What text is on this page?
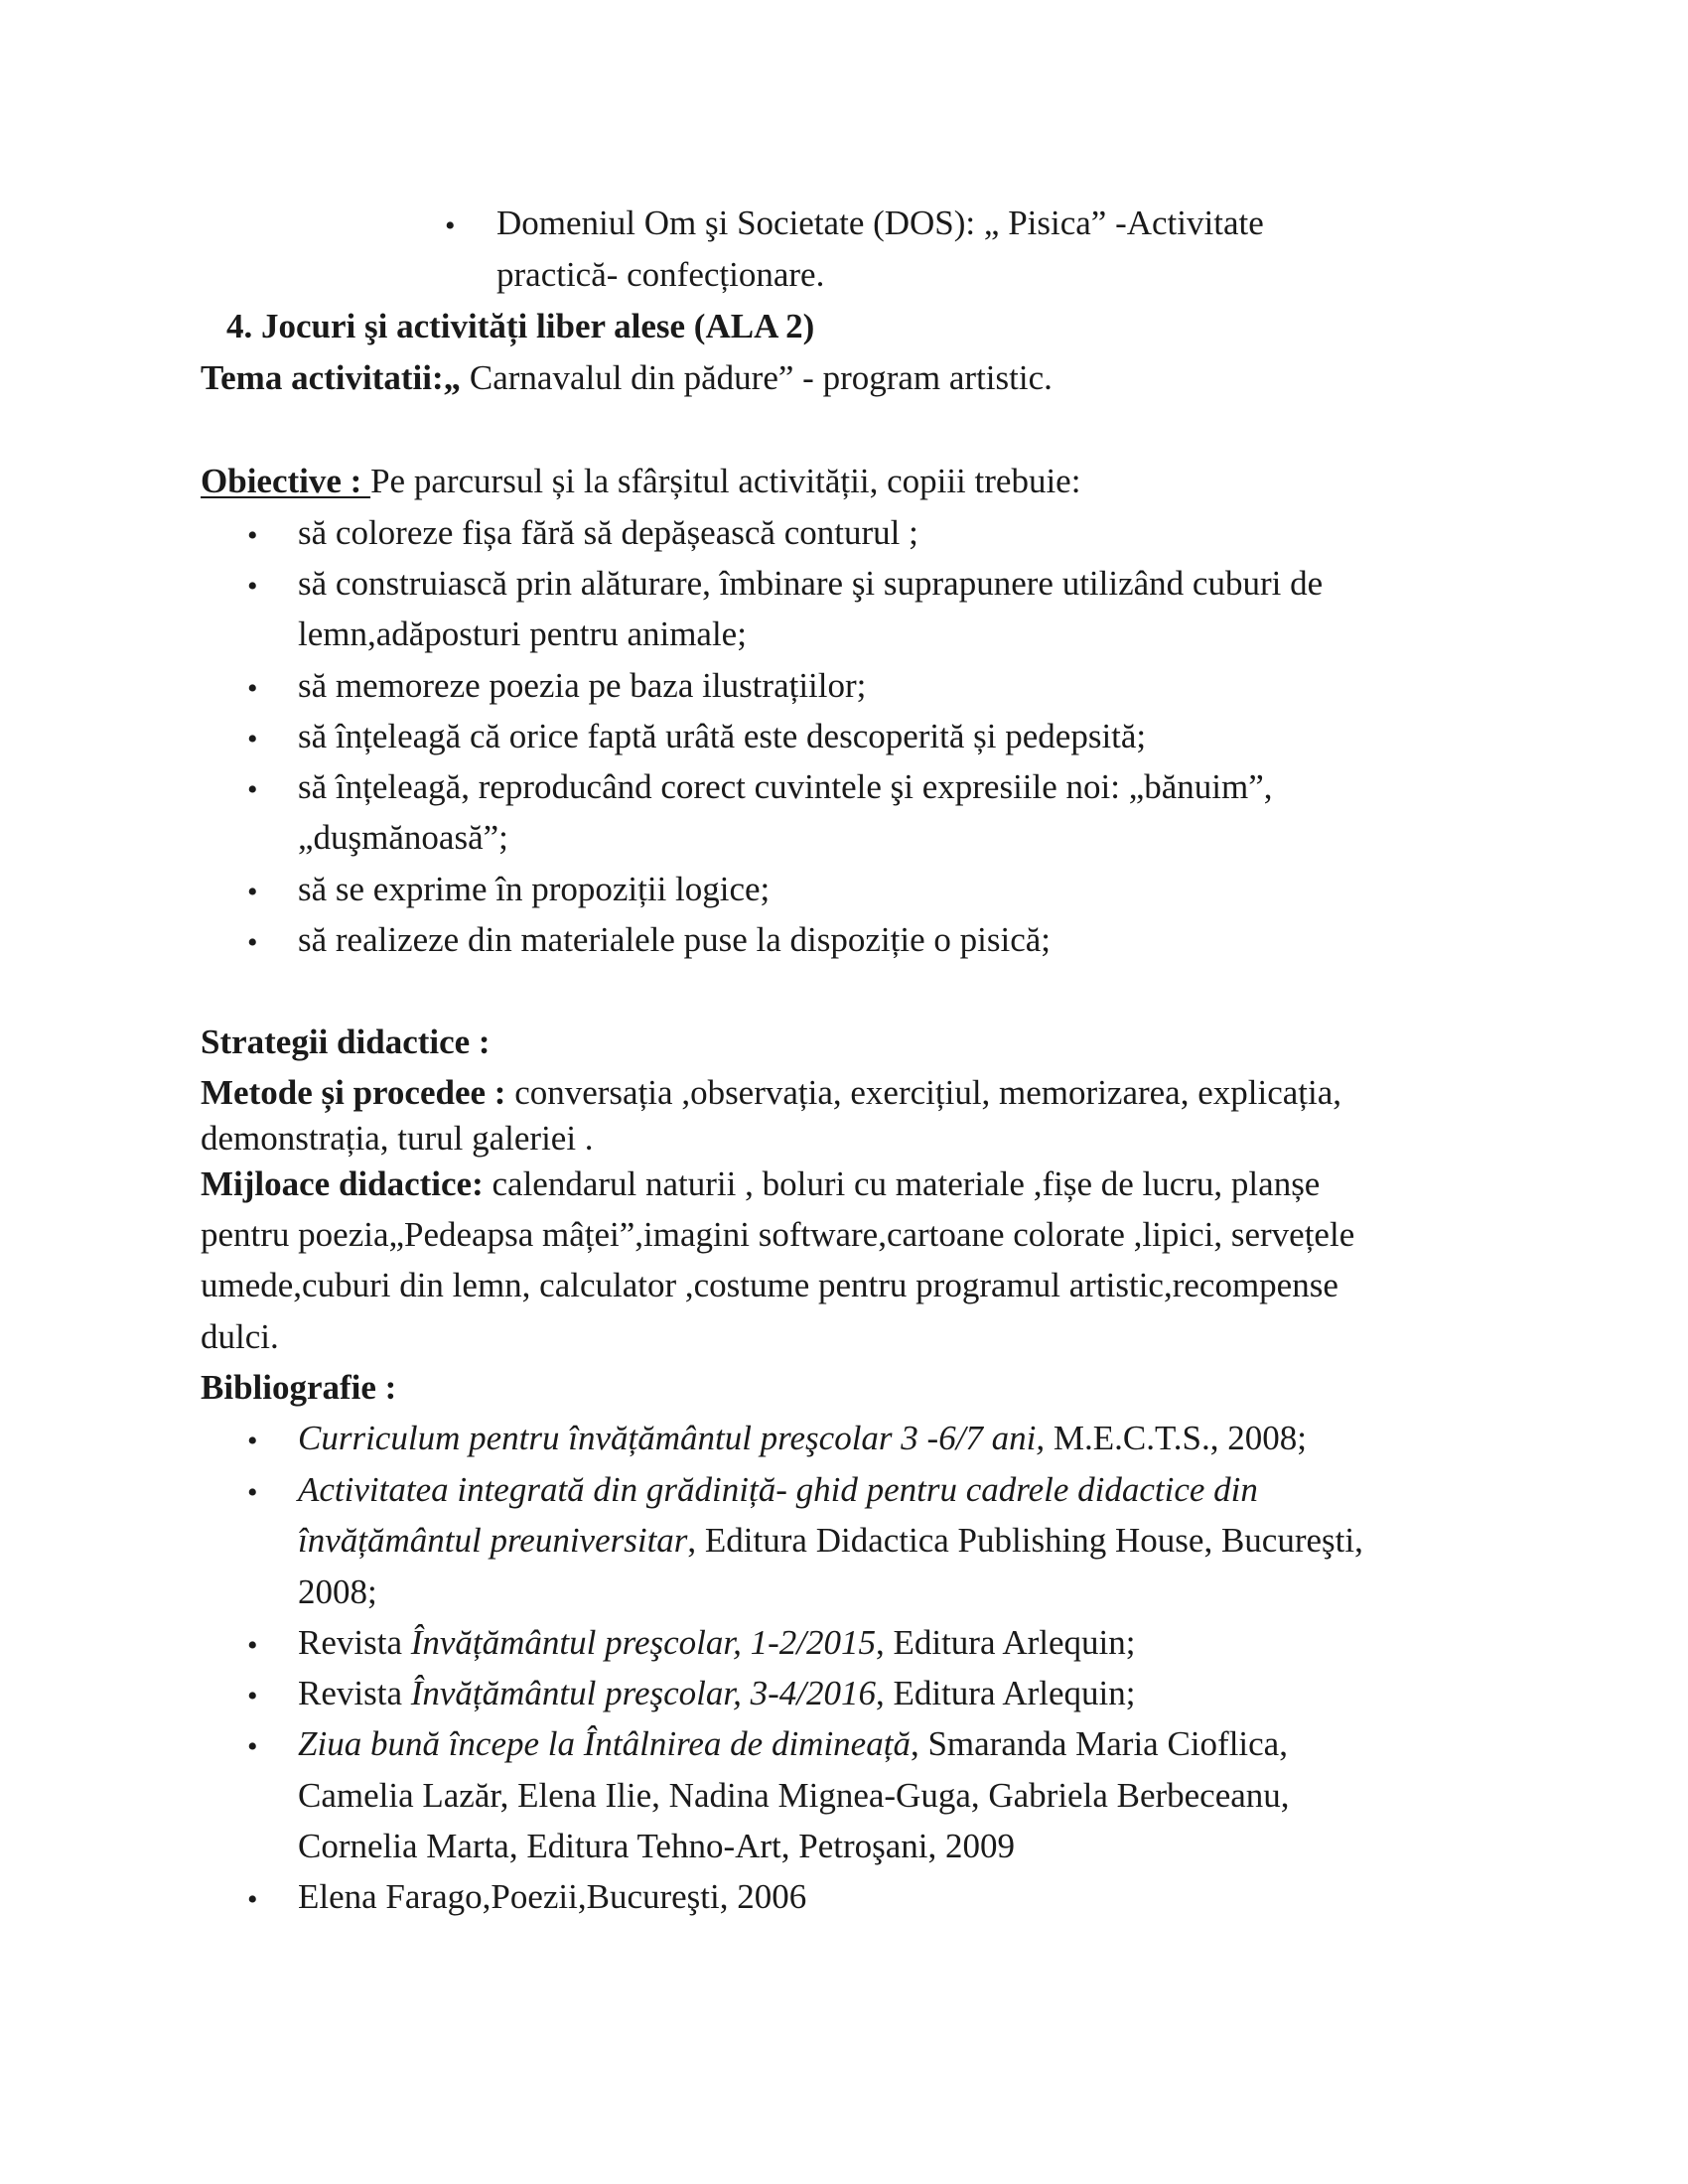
• Domeniul Om şi Societate (DOS): „ Pisica” -Activitate
practică- confecționare.
4. Jocuri şi activități liber alese (ALA 2)
Tema activitatii:„ Carnavalul din pădure” - program artistic.
Obiective : Pe parcursul și la sfârșitul activității, copiii trebuie:
• să coloreze fișa fără să depășească conturul ;
• să construiască prin alăturare, îmbinare şi suprapunere utilizând cuburi de
lemn,adăposturi pentru animale;
• să memoreze poezia pe baza ilustrațiilor;
• să înțeleagă că orice faptă urâtă este descoperită și pedepsită;
• să înțeleagă, reproducând corect cuvintele şi expresiile noi: „bănuim”,
„duşmănoasă”;
• să se exprime în propoziții logice;
• să realizeze din materialele puse la dispoziție o pisică;
Strategii didactice :
Metode și procedee : conversația ,observația, exercițiul, memorizarea, explicația,
demonstrația, turul galeriei .
Mijloace didactice: calendarul naturii , boluri cu materiale ,fișe de lucru, planșe
pentru poezia„Pedeapsa mâței”,imagini software,cartoane colorate ,lipici, servețele
umede,cuburi din lemn, calculator ,costume pentru programul artistic,recompense
dulci.
Bibliografie :
• Curriculum pentru învățământul preşcolar 3 -6/7 ani, M.E.C.T.S., 2008;
• Activitatea integrată din grădiniță- ghid pentru cadrele didactice din
învățământul preuniversitar, Editura Didactica Publishing House, Bucureşti,
2008;
• Revista Învățământul preşcolar, 1-2/2015, Editura Arlequin;
• Revista Învățământul preşcolar, 3-4/2016, Editura Arlequin;
• Ziua bună începe la Întâlnirea de dimineață, Smaranda Maria Cioflica,
Camelia Lazăr, Elena Ilie, Nadina Mignea-Guga, Gabriela Berbeceanu,
Cornelia Marta, Editura Tehno-Art, Petroşani, 2009
• Elena Farago,Poezii,Bucureşti, 2006
